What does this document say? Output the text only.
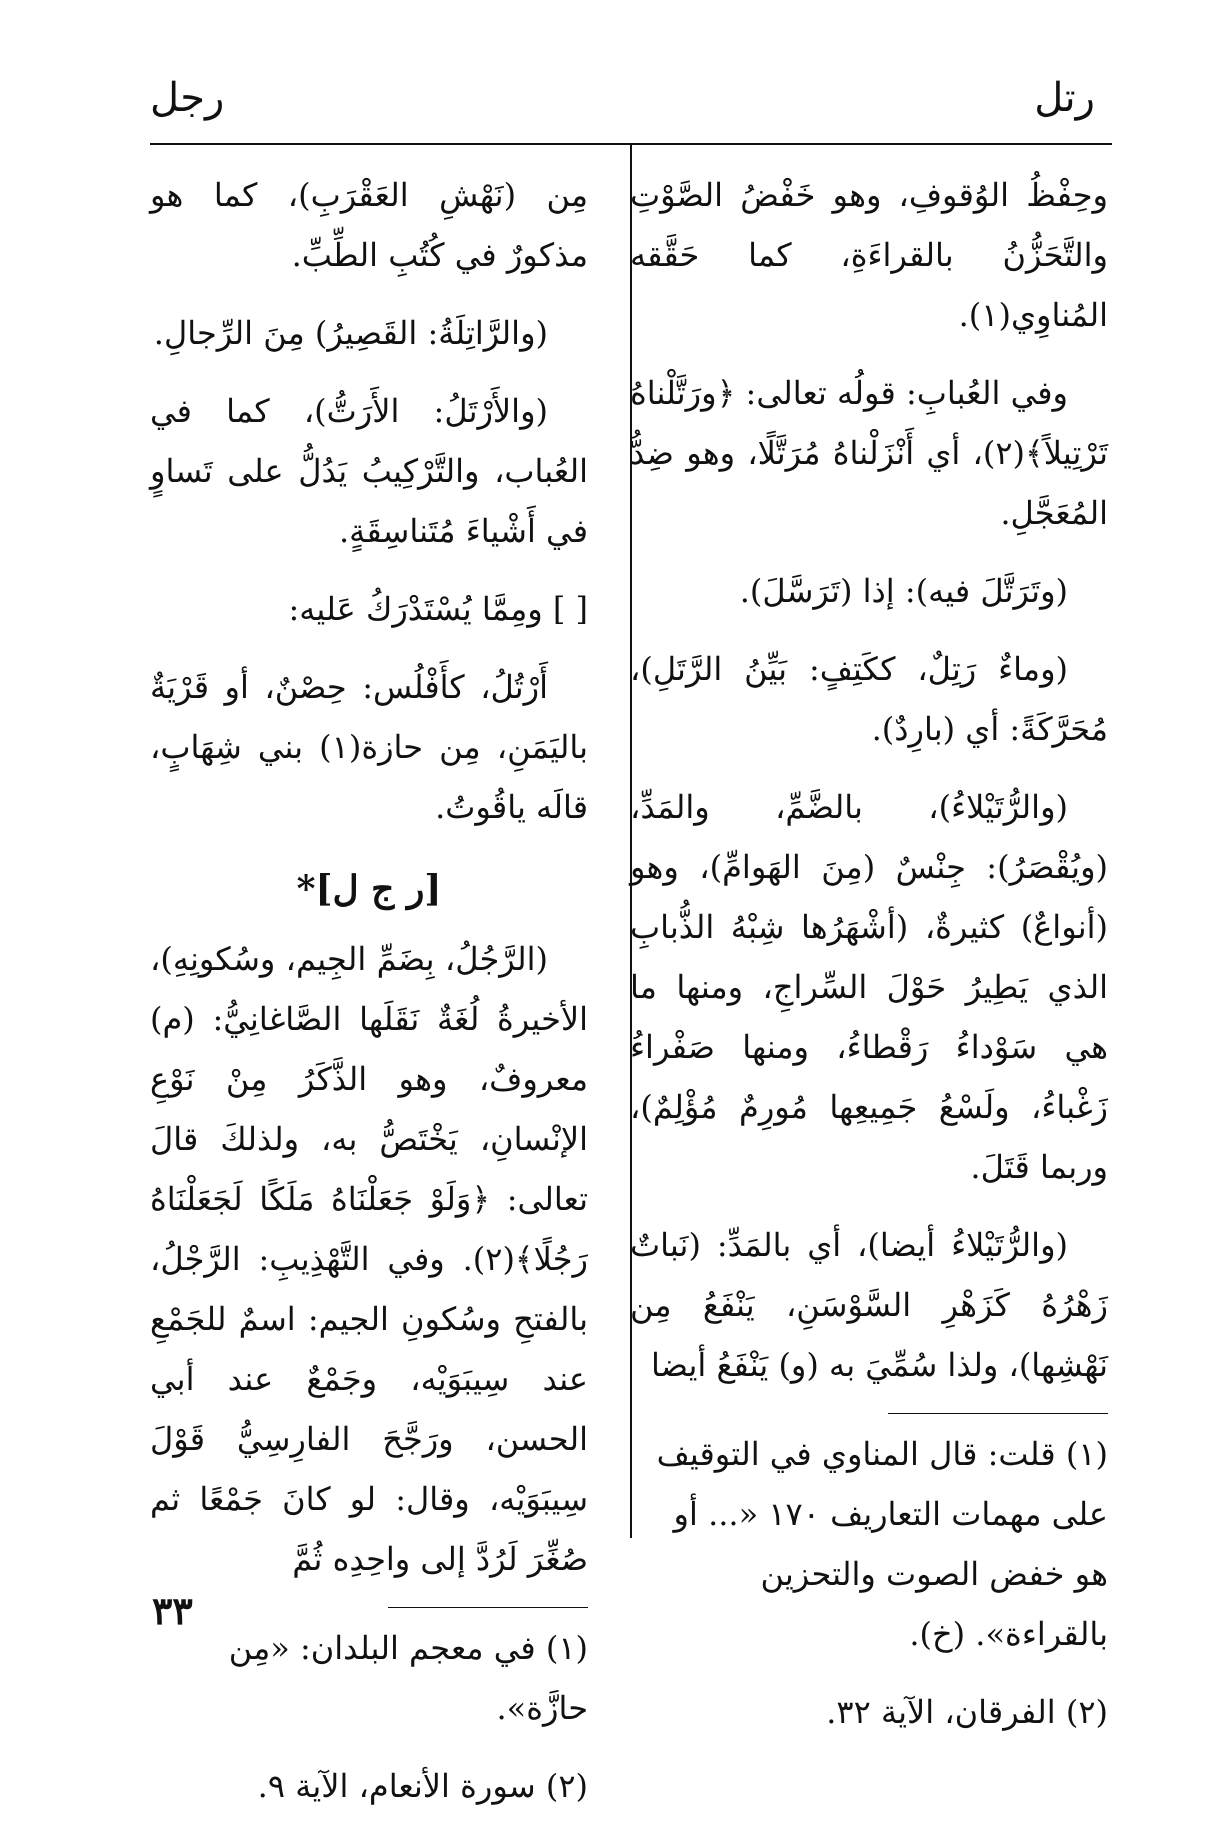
رتل
رجل

وحِفْظُ الوُقوفِ، وهو خَفْضُ الصَّوْتِ والتَّحَزُّنُ بالقراءَةِ، كما حَقَّقه المُناوِي(١).

وفي العُبابِ: قولُه تعالى: ﴿ورَتَّلْناهُ تَرْتِيلاً﴾(٢)، أي أَنْزَلْناهُ مُرَتَّلًا، وهو ضِدُّ المُعَجَّلِ.

(وتَرَتَّلَ فيه): إذا (تَرَسَّلَ).

(وماءٌ رَتِلٌ، ككَتِفٍ: بَيِّنُ الرَّتَلِ)، مُحَرَّكَةً: أي (بارِدٌ).

(والرُّتَيْلاءُ)، بالضَّمِّ، والمَدِّ، (ويُقْصَرُ): جِنْسٌ (مِنَ الهَوامِّ)، وهو (أنواعٌ) كثيرةٌ، (أشْهَرُها شِبْهُ الذُّبابِ الذي يَطِيرُ حَوْلَ السِّراجِ، ومنها ما هي سَوْداءُ رَقْطاءُ، ومنها صَفْراءُ زَغْباءُ، ولَسْعُ جَمِيعِها مُورِمٌ مُؤْلِمٌ)، وربما قَتَلَ.

(والرُّتَيْلاءُ أيضا)، أي بالمَدِّ: (نَباتٌ زَهْرُهُ كَزَهْرِ السَّوْسَنِ، يَنْفَعُ مِن نَهْشِها)، ولذا سُمِّيَ به (و) يَنْفَعُ أيضا

(١) قلت: قال المناوي في التوقيف على مهمات التعاريف ١٧٠ «... أو هو خفض الصوت والتحزين بالقراءة». (خ).

(٢) الفرقان، الآية ٣٢.

مِن (نَهْشِ العَقْرَبِ)، كما هو مذكورٌ في كُتُبِ الطِّبِّ.

(والرَّاتِلَةُ: القَصِيرُ) مِنَ الرِّجالِ.

(والأَرْتَلُ: الأَرَتُّ)، كما في العُباب، والتَّرْكِيبُ يَدُلُّ على تَساوٍ في أَشْياءَ مُتَناسِقَةٍ.

[ ] ومِمَّا يُسْتَدْرَكُ عَليه:

أَرْتُلُ، كأَفْلُس: حِصْنٌ، أو قَرْيَةٌ باليَمَنِ، مِن حازة(١) بني شِهَابٍ، قالَه ياقُوتُ.

[ر ج ل]*

(الرَّجُلُ، بِضَمِّ الجِيم، وسُكونِهِ)، الأخيرةُ لُغَةٌ نَقَلَها الصَّاغانِيُّ: (م) معروفٌ، وهو الذَّكَرُ مِنْ نَوْعِ الإنْسانِ، يَخْتَصُّ به، ولذلكَ قالَ تعالى: ﴿وَلَوْ جَعَلْنَاهُ مَلَكًا لَجَعَلْنَاهُ رَجُلًا﴾(٢). وفي التَّهْذِيبِ: الرَّجْلُ، بالفتحِ وسُكونِ الجيم: اسمٌ للجَمْعِ عند سِيبَوَيْه، وجَمْعٌ عند أبي الحسن، ورَجَّحَ الفارِسِيُّ قَوْلَ سِيبَوَيْه، وقال: لو كانَ جَمْعًا ثم صُغِّرَ لَرُدَّ إلى واحِدِه ثُمَّ

(١) في معجم البلدان: «مِن حازَّة».

(٢) سورة الأنعام، الآية ٩.

٣٣
